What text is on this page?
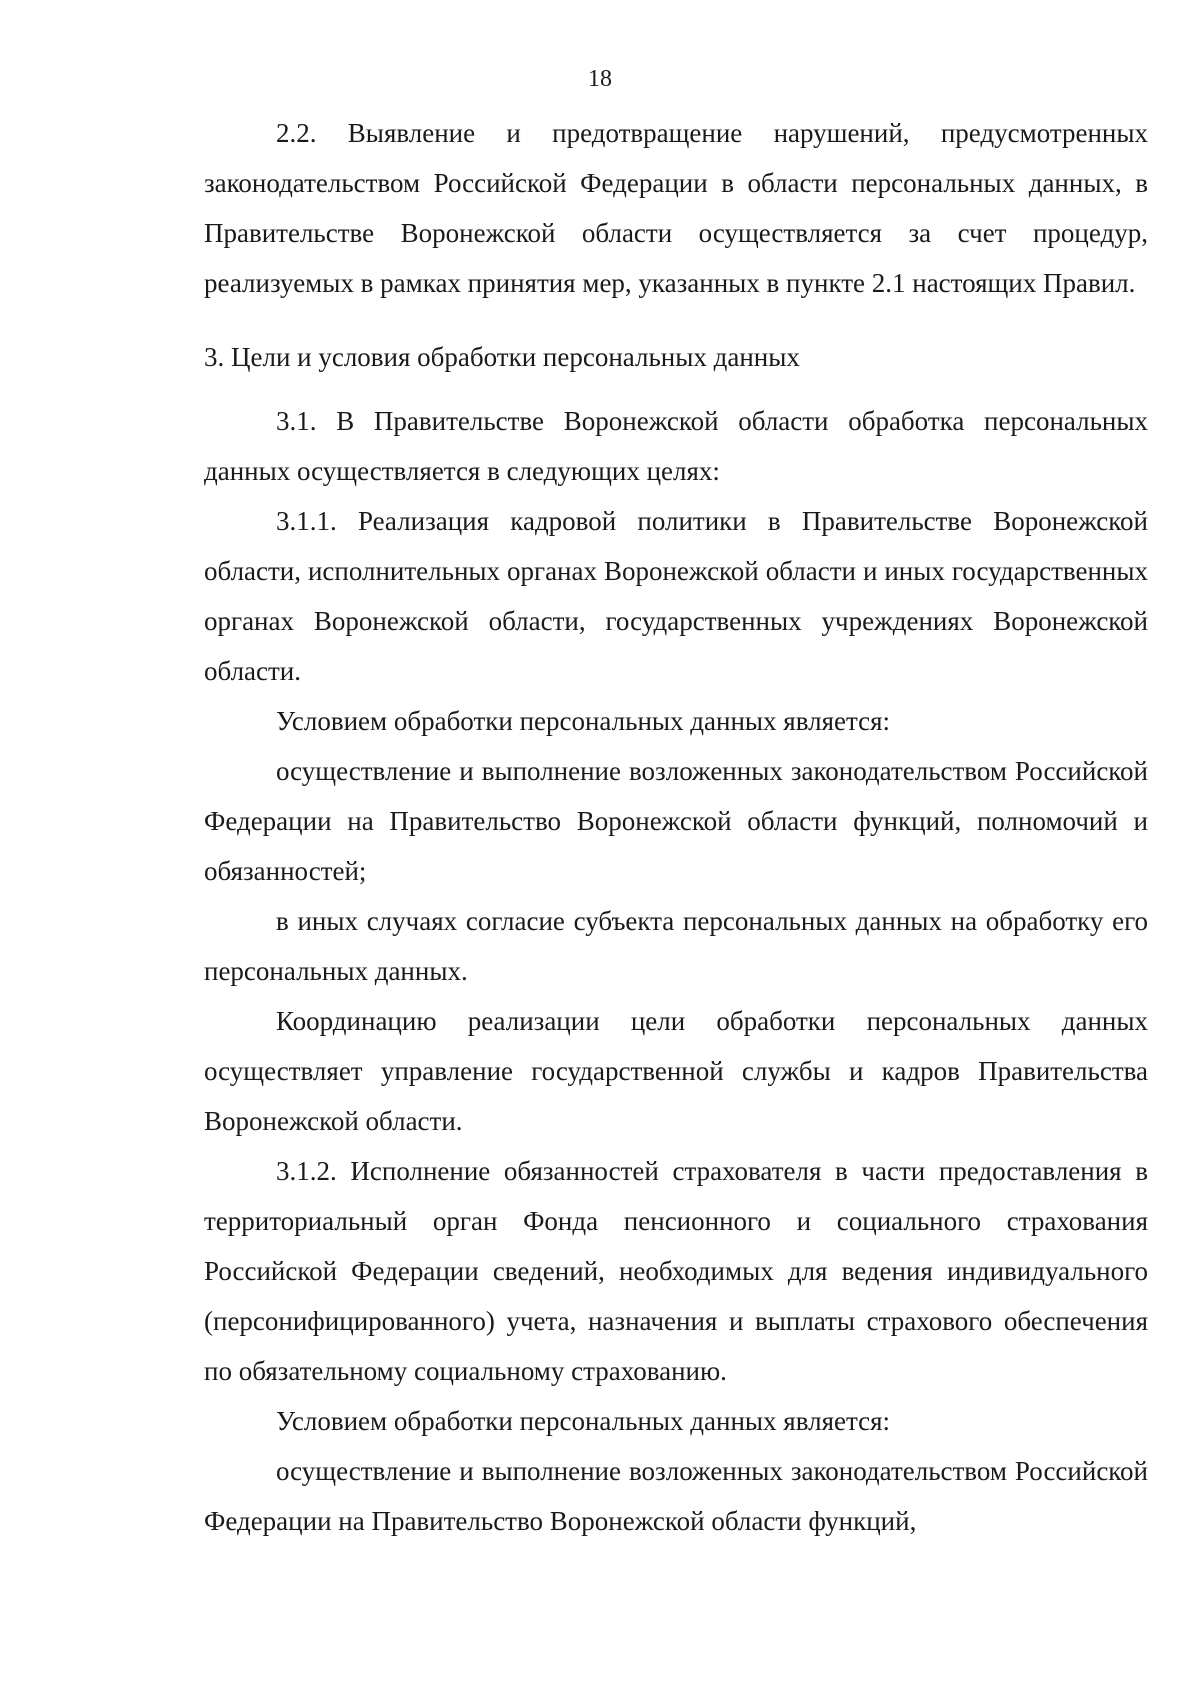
18

2.2. Выявление и предотвращение нарушений, предусмотренных законодательством Российской Федерации в области персональных данных, в Правительстве Воронежской области осуществляется за счет процедур, реализуемых в рамках принятия мер, указанных в пункте 2.1 настоящих Правил.

3. Цели и условия обработки персональных данных

3.1. В Правительстве Воронежской области обработка персональных данных осуществляется в следующих целях:

3.1.1. Реализация кадровой политики в Правительстве Воронежской области, исполнительных органах Воронежской области и иных государственных органах Воронежской области, государственных учреждениях Воронежской области.

Условием обработки персональных данных является:

осуществление и выполнение возложенных законодательством Российской Федерации на Правительство Воронежской области функций, полномочий и обязанностей;

в иных случаях согласие субъекта персональных данных на обработку его персональных данных.

Координацию реализации цели обработки персональных данных осуществляет управление государственной службы и кадров Правительства Воронежской области.

3.1.2. Исполнение обязанностей страхователя в части предоставления в территориальный орган Фонда пенсионного и социального страхования Российской Федерации сведений, необходимых для ведения индивидуального (персонифицированного) учета, назначения и выплаты страхового обеспечения по обязательному социальному страхованию.

Условием обработки персональных данных является:

осуществление и выполнение возложенных законодательством Российской Федерации на Правительство Воронежской области функций,
